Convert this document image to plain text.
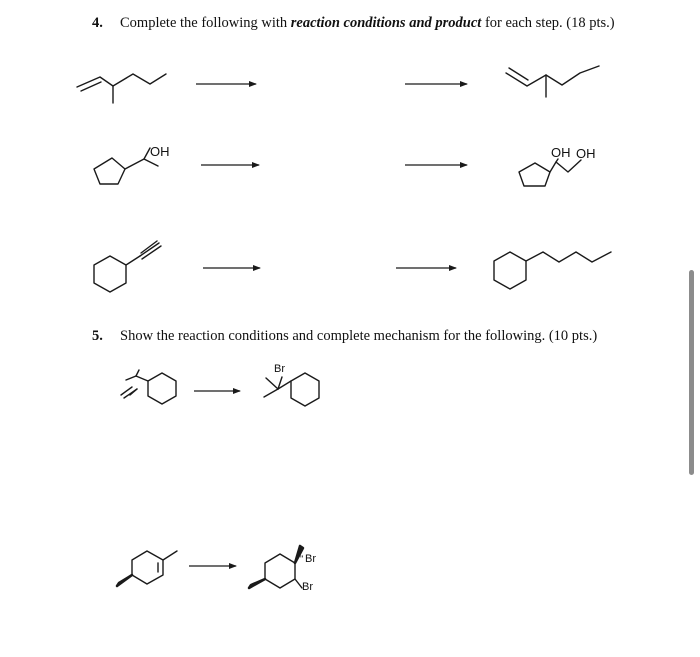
4. Complete the following with reaction conditions and product for each step. (18 pts.)
5. Show the reaction conditions and complete mechanism for the following. (10 pts.)
OH	OH OH
Br
'' Br
Br
